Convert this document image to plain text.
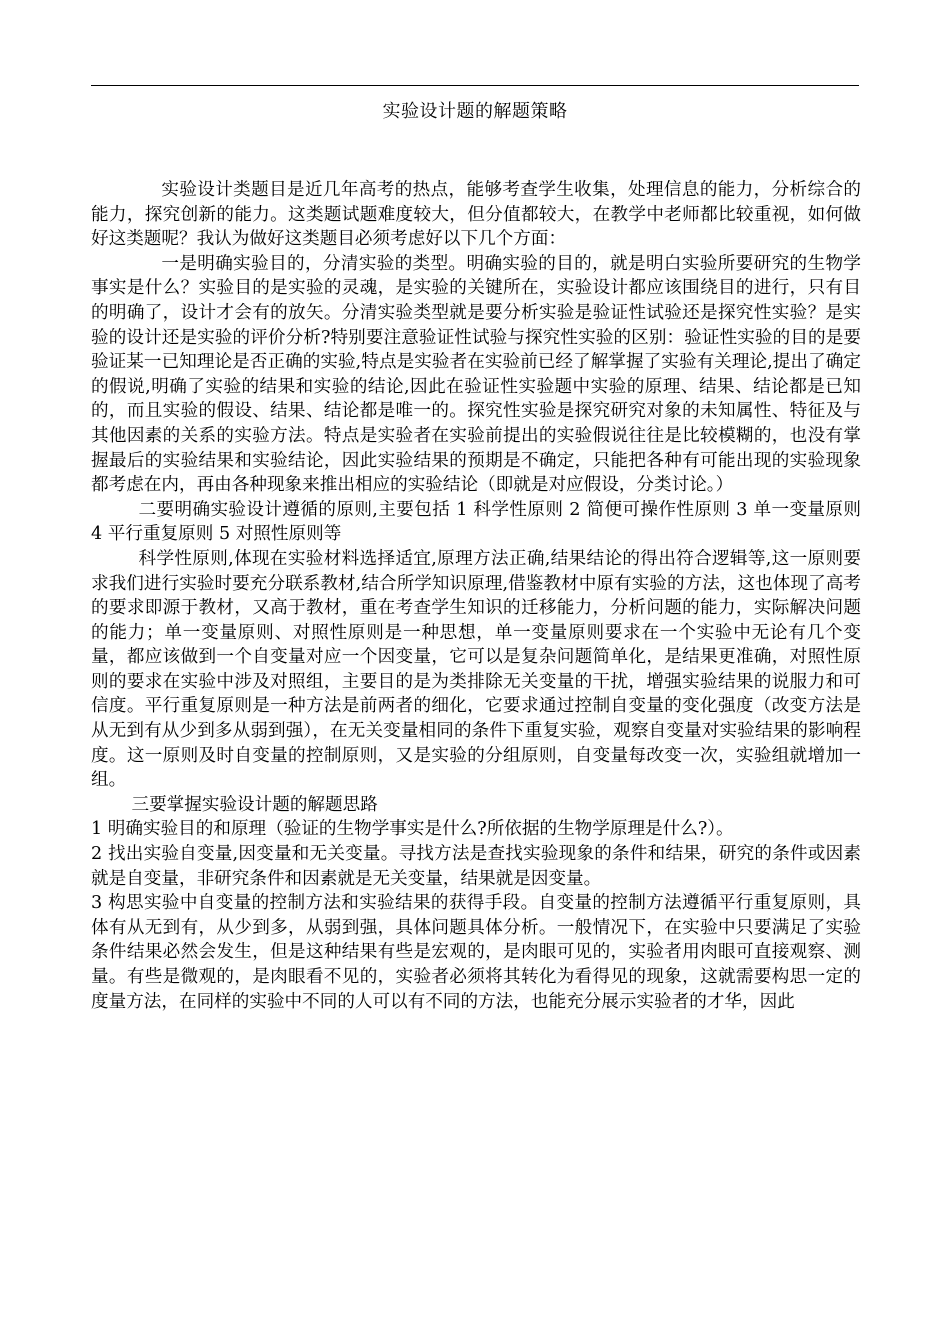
实验设计题的解题策略

实验设计类题目是近几年高考的热点，能够考查学生收集，处理信息的能力，分析综合的能力，探究创新的能力。这类题试题难度较大，但分值都较大，在教学中老师都比较重视，如何做好这类题呢？我认为做好这类题目必须考虑好以下几个方面：

一是明确实验目的，分清实验的类型。明确实验的目的，就是明白实验所要研究的生物学事实是什么？实验目的是实验的灵魂，是实验的关键所在，实验设计都应该围绕目的进行，只有目的明确了，设计才会有的放矢。分清实验类型就是要分析实验是验证性试验还是探究性实验？是实验的设计还是实验的评价分析?特别要注意验证性试验与探究性实验的区别：验证性实验的目的是要验证某一已知理论是否正确的实验,特点是实验者在实验前已经了解掌握了实验有关理论,提出了确定的假说,明确了实验的结果和实验的结论,因此在验证性实验题中实验的原理、结果、结论都是已知的，而且实验的假设、结果、结论都是唯一的。探究性实验是探究研究对象的未知属性、特征及与其他因素的关系的实验方法。特点是实验者在实验前提出的实验假说往往是比较模糊的，也没有掌握最后的实验结果和实验结论，因此实验结果的预期是不确定，只能把各种有可能出现的实验现象都考虑在内，再由各种现象来推出相应的实验结论（即就是对应假设，分类讨论。）

二要明确实验设计遵循的原则,主要包括 1 科学性原则 2 简便可操作性原则 3 单一变量原则 4 平行重复原则 5 对照性原则等

科学性原则,体现在实验材料选择适宜,原理方法正确,结果结论的得出符合逻辑等,这一原则要求我们进行实验时要充分联系教材,结合所学知识原理,借鉴教材中原有实验的方法，这也体现了高考的要求即源于教材，又高于教材，重在考查学生知识的迁移能力，分析问题的能力，实际解决问题的能力；单一变量原则、对照性原则是一种思想，单一变量原则要求在一个实验中无论有几个变量，都应该做到一个自变量对应一个因变量，它可以是复杂问题简单化，是结果更准确，对照性原则的要求在实验中涉及对照组，主要目的是为类排除无关变量的干扰，增强实验结果的说服力和可信度。平行重复原则是一种方法是前两者的细化，它要求通过控制自变量的变化强度（改变方法是从无到有从少到多从弱到强），在无关变量相同的条件下重复实验，观察自变量对实验结果的影响程度。这一原则及时自变量的控制原则，又是实验的分组原则，自变量每改变一次，实验组就增加一组。

三要掌握实验设计题的解题思路

1 明确实验目的和原理（验证的生物学事实是什么?所依据的生物学原理是什么?）。

2 找出实验自变量,因变量和无关变量。寻找方法是查找实验现象的条件和结果，研究的条件或因素就是自变量，非研究条件和因素就是无关变量，结果就是因变量。

3 构思实验中自变量的控制方法和实验结果的获得手段。自变量的控制方法遵循平行重复原则，具体有从无到有，从少到多，从弱到强，具体问题具体分析。一般情况下，在实验中只要满足了实验条件结果必然会发生，但是这种结果有些是宏观的，是肉眼可见的，实验者用肉眼可直接观察、测量。有些是微观的，是肉眼看不见的，实验者必须将其转化为看得见的现象，这就需要构思一定的度量方法，在同样的实验中不同的人可以有不同的方法，也能充分展示实验者的才华，因此
